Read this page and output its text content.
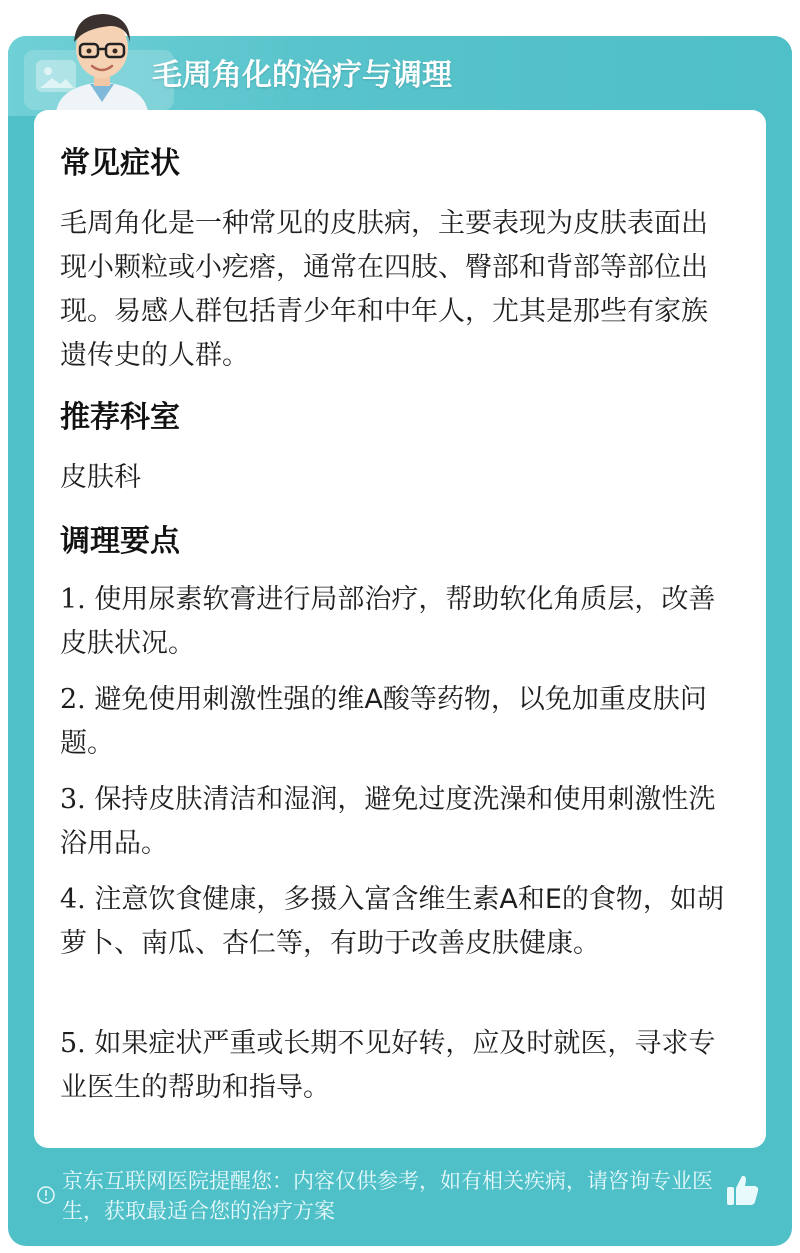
毛周角化的治疗与调理
常见症状
毛周角化是一种常见的皮肤病，主要表现为皮肤表面出现小颗粒或小疙瘩，通常在四肢、臀部和背部等部位出现。易感人群包括青少年和中年人，尤其是那些有家族遗传史的人群。
推荐科室
皮肤科
调理要点
1. 使用尿素软膏进行局部治疗，帮助软化角质层，改善皮肤状况。
2. 避免使用刺激性强的维A酸等药物，以免加重皮肤问题。
3. 保持皮肤清洁和湿润，避免过度洗澡和使用刺激性洗浴用品。
4. 注意饮食健康，多摄入富含维生素A和E的食物，如胡萝卜、南瓜、杏仁等，有助于改善皮肤健康。
5. 如果症状严重或长期不见好转，应及时就医，寻求专业医生的帮助和指导。
京东互联网医院提醒您：内容仅供参考，如有相关疾病，请咨询专业医生，获取最适合您的治疗方案
